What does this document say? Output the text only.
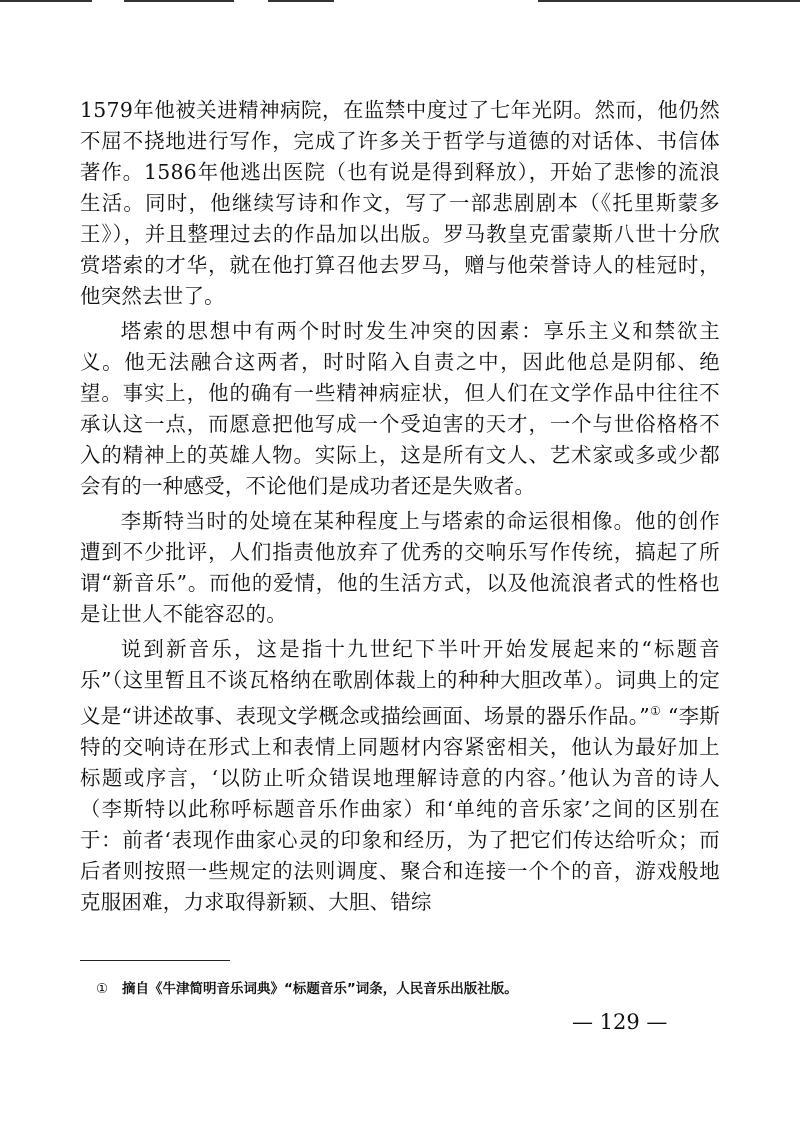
1579年他被关进精神病院，在监禁中度过了七年光阴。然而，他仍然不屈不挠地进行写作，完成了许多关于哲学与道德的对话体、书信体著作。1586年他逃出医院（也有说是得到释放），开始了悲惨的流浪生活。同时，他继续写诗和作文，写了一部悲剧剧本（《托里斯蒙多王》），并且整理过去的作品加以出版。罗马教皇克雷蒙斯八世十分欣赏塔索的才华，就在他打算召他去罗马，赠与他荣誉诗人的桂冠时，他突然去世了。

塔索的思想中有两个时时发生冲突的因素：享乐主义和禁欲主义。他无法融合这两者，时时陷入自责之中，因此他总是阴郁、绝望。事实上，他的确有一些精神病症状，但人们在文学作品中往往不承认这一点，而愿意把他写成一个受迫害的天才，一个与世俗格格不入的精神上的英雄人物。实际上，这是所有文人、艺术家或多或少都会有的一种感受，不论他们是成功者还是失败者。

李斯特当时的处境在某种程度上与塔索的命运很相像。他的创作遭到不少批评，人们指责他放弃了优秀的交响乐写作传统，搞起了所谓“新音乐”。而他的爱情，他的生活方式，以及他流浪者式的性格也是让世人不能容忍的。

说到新音乐，这是指十九世纪下半叶开始发展起来的“标题音乐”（这里暂且不谈瓦格纳在歌剧体裁上的种种大胆改革）。词典上的定义是“讲述故事、表现文学概念或描绘画面、场景的器乐作品。”① “李斯特的交响诗在形式上和表情上同题材内容紧密相关，他认为最好加上标题或序言，‘以防止听众错误地理解诗意的内容。’他认为音的诗人（李斯特以此称呼标题音乐作曲家）和‘单纯的音乐家’之间的区别在于：前者‘表现作曲家心灵的印象和经历，为了把它们传达给听众；而后者则按照一些规定的法则调度、聚合和连接一个个的音，游戏般地克服困难，力求取得新颖、大胆、错综

① 摘自《牛津简明音乐词典》“标题音乐”词条，人民音乐出版社版。
— 129 —
